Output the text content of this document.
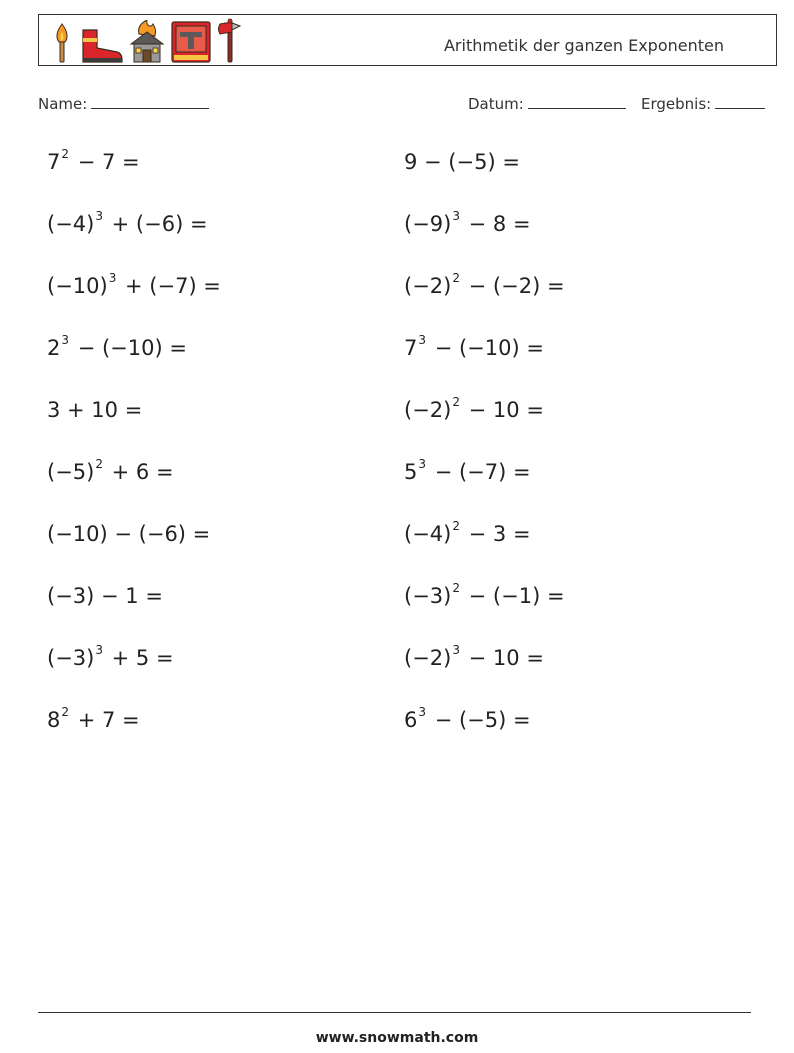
Arithmetik der ganzen Exponenten
Name:	Datum:	Ergebnis:
$7^2 - 7$ =	9 − (−5) =
$(-4)^3 + (-6)$ =	$(-9)^3 - 8$ =
$(-10)^3 + (-7)$ =	$(-2)^2 - (-2)$ =
$2^3 - (-10)$ =	$7^3 - (-10)$ =
3 + 10 =	$(-2)^2 - 10$ =
$(-5)^2 + 6$ =	$5^3 - (-7)$ =
(−10) − (−6) =	$(-4)^2 - 3$ =
(−3) − 1 =	$(-3)^2 - (-1)$ =
$(-3)^3 + 5$ =	$(-2)^3 - 10$ =
$8^2 + 7$ =	$6^3 - (-5)$ =
www.snowmath.com
